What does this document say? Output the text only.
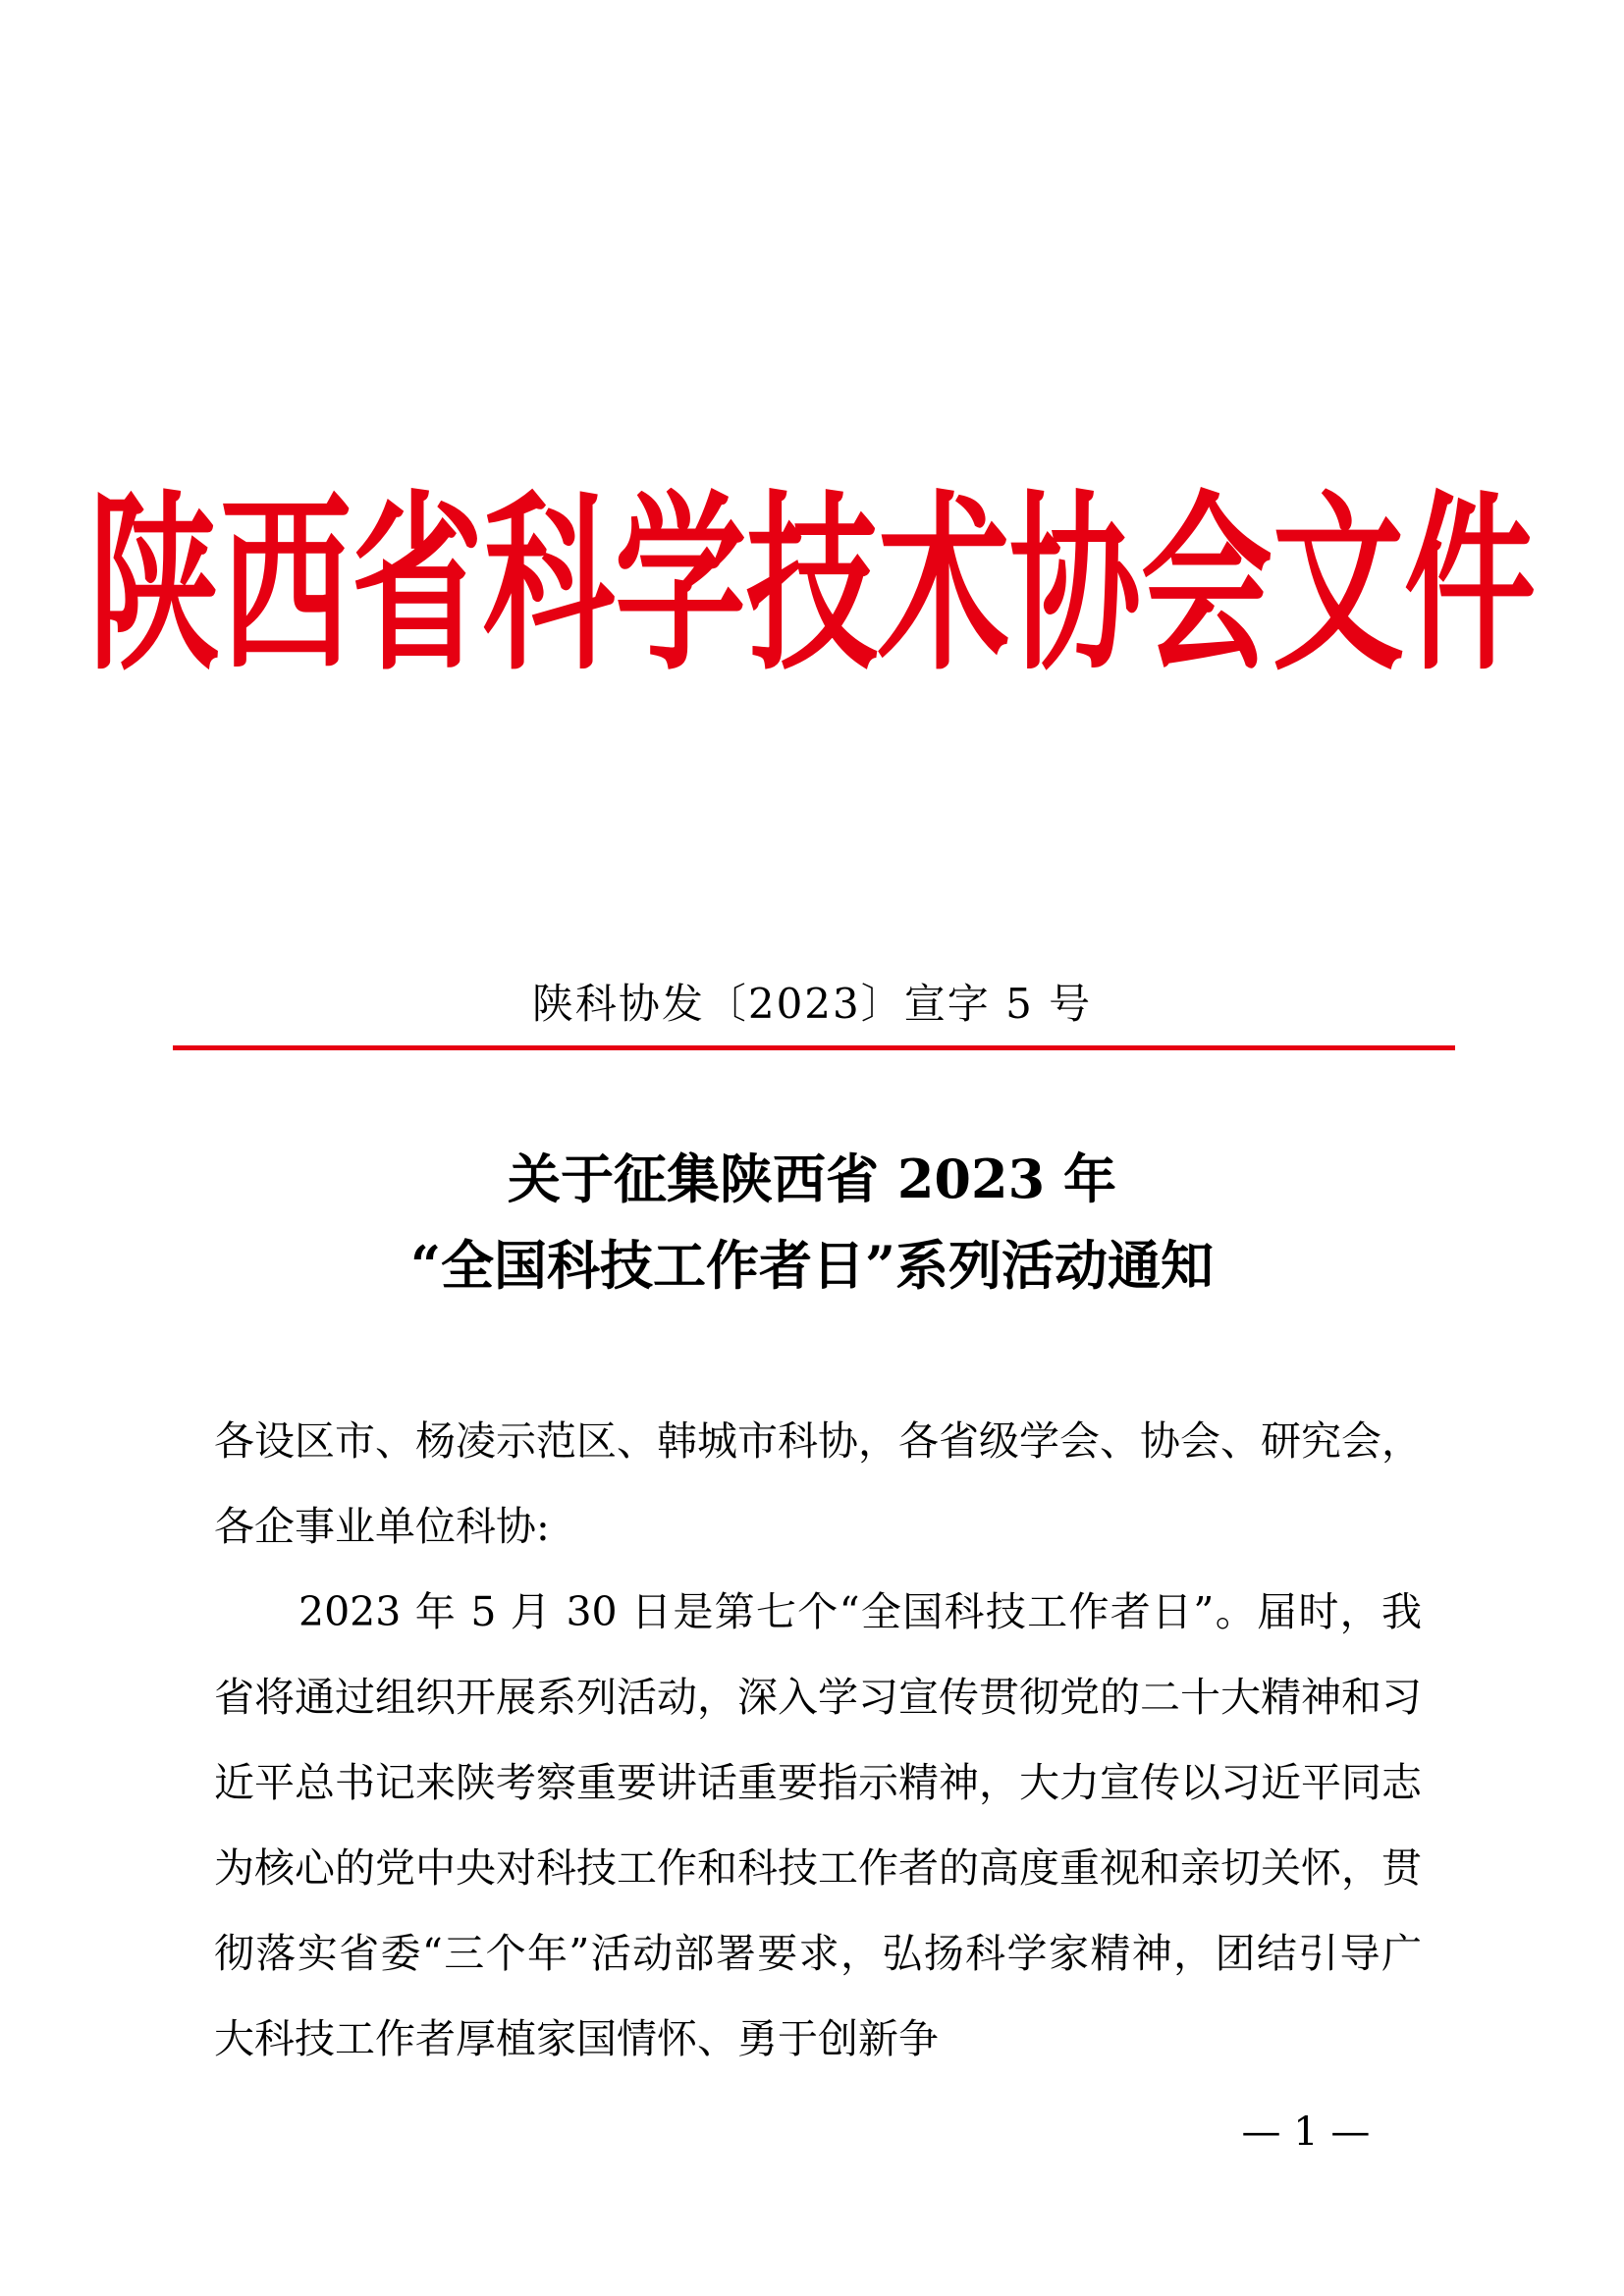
陕西省科学技术协会文件
陕科协发〔2023〕宣字 5 号
关于征集陕西省 2023 年
“全国科技工作者日”系列活动通知

各设区市、杨凌示范区、韩城市科协，各省级学会、协会、研究会，各企事业单位科协:

2023 年 5 月 30 日是第七个“全国科技工作者日”。届时，我省将通过组织开展系列活动，深入学习宣传贯彻党的二十大精神和习近平总书记来陕考察重要讲话重要指示精神，大力宣传以习近平同志为核心的党中央对科技工作和科技工作者的高度重视和亲切关怀，贯彻落实省委“三个年”活动部署要求，弘扬科学家精神，团结引导广大科技工作者厚植家国情怀、勇于创新争

— 1 —
